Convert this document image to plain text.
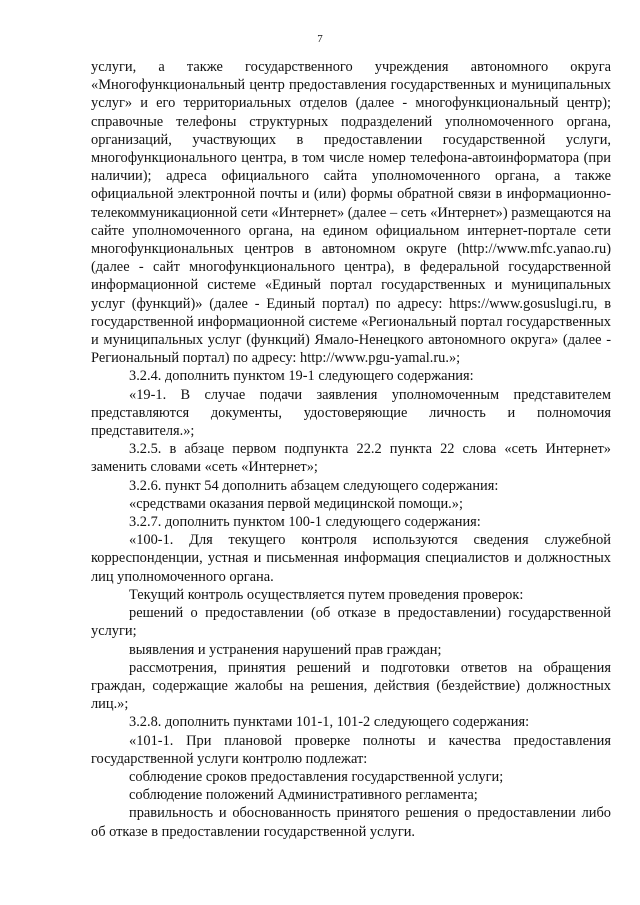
7

услуги, а также государственного учреждения автономного округа «Многофункциональный центр предоставления государственных и муниципальных услуг» и его территориальных отделов (далее - многофункциональный центр); справочные телефоны структурных подразделений уполномоченного органа, организаций, участвующих в предоставлении государственной услуги, многофункционального центра, в том числе номер телефона-автоинформатора (при наличии); адреса официального сайта уполномоченного органа, а также официальной электронной почты и (или) формы обратной связи в информационно-телекоммуникационной сети «Интернет» (далее – сеть «Интернет») размещаются на сайте уполномоченного органа, на едином официальном интернет-портале сети многофункциональных центров в автономном округе (http://www.mfc.yanao.ru) (далее - сайт многофункционального центра), в федеральной государственной информационной системе «Единый портал государственных и муниципальных услуг (функций)» (далее - Единый портал) по адресу: https://www.gosuslugi.ru, в государственной информационной системе «Региональный портал государственных и муниципальных услуг (функций) Ямало-Ненецкого автономного округа» (далее - Региональный портал) по адресу: http://www.pgu-yamal.ru.»;

3.2.4. дополнить пунктом 19-1 следующего содержания:

«19-1. В случае подачи заявления уполномоченным представителем представляются документы, удостоверяющие личность и полномочия представителя.»;

3.2.5. в абзаце первом подпункта 22.2 пункта 22 слова «сеть Интернет» заменить словами «сеть «Интернет»;

3.2.6. пункт 54 дополнить абзацем следующего содержания:

«средствами оказания первой медицинской помощи.»;

3.2.7. дополнить пунктом 100-1 следующего содержания:

«100-1. Для текущего контроля используются сведения служебной корреспонденции, устная и письменная информация специалистов и должностных лиц уполномоченного органа.

Текущий контроль осуществляется путем проведения проверок:

решений о предоставлении (об отказе в предоставлении) государственной услуги;

выявления и устранения нарушений прав граждан;

рассмотрения, принятия решений и подготовки ответов на обращения граждан, содержащие жалобы на решения, действия (бездействие) должностных лиц.»;

3.2.8. дополнить пунктами 101-1, 101-2 следующего содержания:

«101-1. При плановой проверке полноты и качества предоставления государственной услуги контролю подлежат:

соблюдение сроков предоставления государственной услуги;

соблюдение положений Административного регламента;

правильность и обоснованность принятого решения о предоставлении либо об отказе в предоставлении государственной услуги.
